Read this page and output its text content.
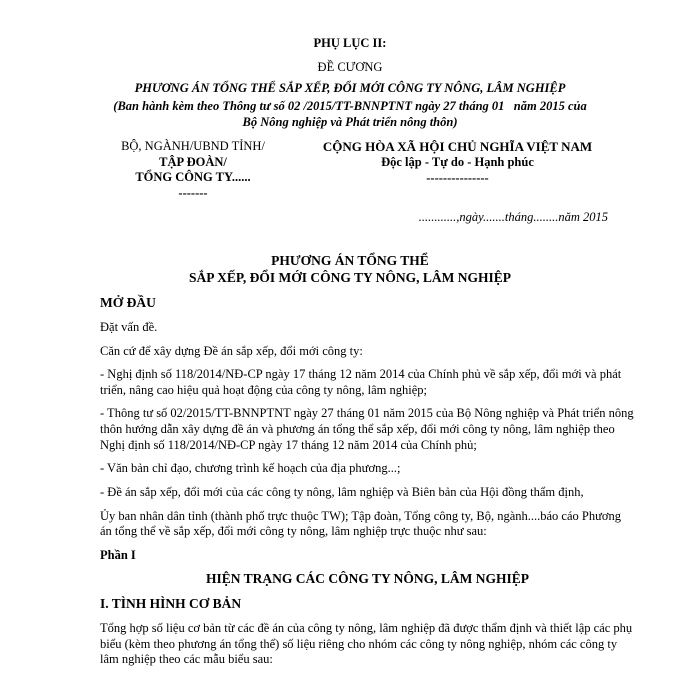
PHỤ LỤC II:
ĐỀ CƯƠNG
PHƯƠNG ÁN TỔNG THỂ SẮP XẾP, ĐỔI MỚI CÔNG TY NÔNG, LÂM NGHIỆP
(Ban hành kèm theo Thông tư số 02 /2015/TT-BNNPTNT ngày 27 tháng 01   năm 2015 của
Bộ Nông nghiệp và Phát triển nông thôn)
BỘ, NGÀNH/UBND TỈNH/
TẬP ĐOÀN/
TỔNG CÔNG TY......
-------
CỘNG HÒA XÃ HỘI CHỦ NGHĨA VIỆT NAM
Độc lập - Tự do - Hạnh phúc
---------------
............,ngày.......tháng........năm 2015
PHƯƠNG ÁN TỔNG THỂ
SẮP XẾP, ĐỔI MỚI CÔNG TY NÔNG, LÂM NGHIỆP

MỞ ĐẦU

Đặt vấn đề.

Căn cứ để xây dựng Đề án sắp xếp, đổi mới công ty:

- Nghị định số 118/2014/NĐ-CP ngày 17 tháng 12 năm 2014 của Chính phủ về sắp xếp, đổi mới và phát triển, nâng cao hiệu quả hoạt động của công ty nông, lâm nghiệp;

- Thông tư số 02/2015/TT-BNNPTNT ngày 27 tháng 01 năm 2015 của Bộ Nông nghiệp và Phát triển nông thôn hướng dẫn xây dựng đề án và phương án tổng thể sắp xếp, đổi mới công ty nông, lâm nghiệp theo Nghị định số 118/2014/NĐ-CP ngày 17 tháng 12 năm 2014 của Chính phủ;

- Văn bản chỉ đạo, chương trình kế hoạch của địa phương...;

- Đề án sắp xếp, đổi mới của các công ty nông, lâm nghiệp và Biên bản của Hội đồng thẩm định,

Ủy ban nhân dân tỉnh (thành phố trực thuộc TW); Tập đoàn, Tổng công ty, Bộ, ngành....báo cáo Phương án tổng thể về sắp xếp, đổi mới công ty nông, lâm nghiệp trực thuộc như sau:

Phần I

HIỆN TRẠNG CÁC CÔNG TY NÔNG, LÂM NGHIỆP

I. TÌNH HÌNH CƠ BẢN

Tổng hợp số liệu cơ bản từ các đề án của công ty nông, lâm nghiệp đã được thẩm định và thiết lập các phụ biểu (kèm theo phương án tổng thể) số liệu riêng cho nhóm các công ty nông nghiệp, nhóm các công ty lâm nghiệp theo các mẫu biểu sau:
